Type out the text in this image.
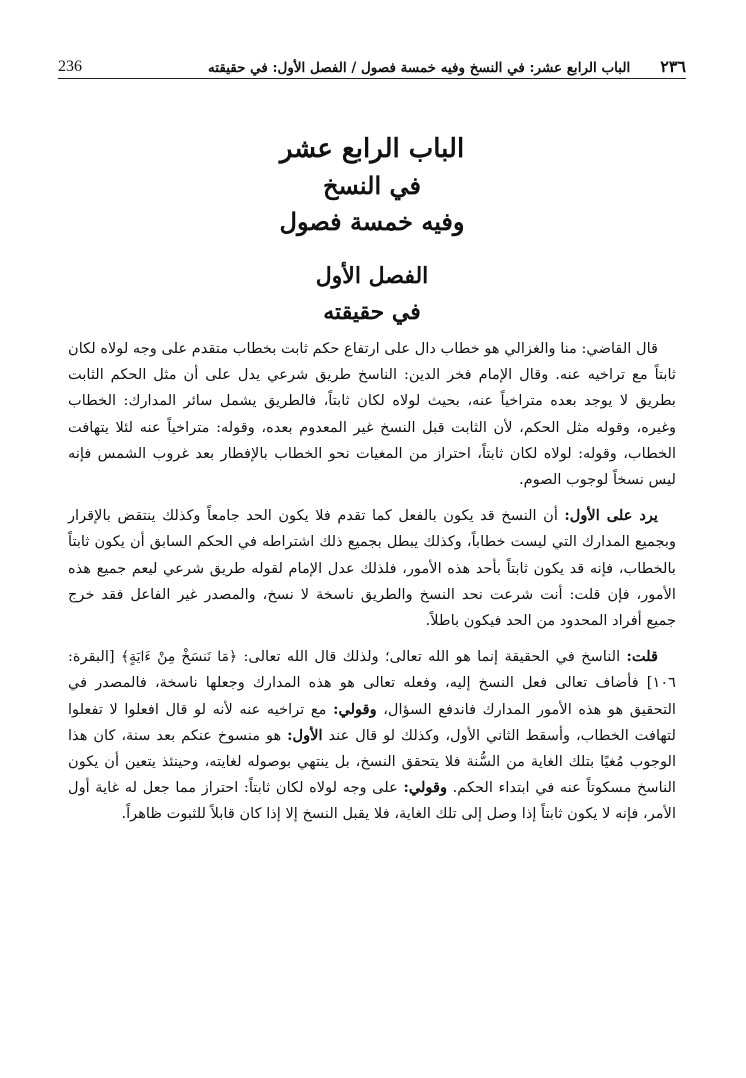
236	٢٣٦
الباب الرابع عشر: في النسخ وفيه خمسة فصول / الفصل الأول: في حقيقته
الباب الرابع عشر
في النسخ
وفيه خمسة فصول
الفصل الأول
في حقيقته

قال القاضي: منا والغزالي هو خطاب دال على ارتفاع حكم ثابت بخطاب متقدم على وجه لولاه لكان ثابتاً مع تراخيه عنه. وقال الإمام فخر الدين: الناسخ طريق شرعي يدل على أن مثل الحكم الثابت بطريق لا يوجد بعده متراخياً عنه، بحيث لولاه لكان ثابتاً، فالطريق يشمل سائر المدارك: الخطاب وغيره، وقوله مثل الحكم، لأن الثابت قبل النسخ غير المعدوم بعده، وقوله: متراخياً عنه لئلا يتهافت الخطاب، وقوله: لولاه لكان ثابتاً، احتراز من المغيات نحو الخطاب بالإفطار بعد غروب الشمس فإنه ليس نسخاً لوجوب الصوم.

يرد على الأول: أن النسخ قد يكون بالفعل كما تقدم فلا يكون الحد جامعاً وكذلك ينتقض بالإقرار وبجميع المدارك التي ليست خطاباً، وكذلك يبطل بجميع ذلك اشتراطه في الحكم السابق أن يكون ثابتاً بالخطاب، فإنه قد يكون ثابتاً بأحد هذه الأمور، فلذلك عدل الإمام لقوله طريق شرعي ليعم جميع هذه الأمور، فإن قلت: أنت شرعت نحد النسخ والطريق ناسخة لا نسخ، والمصدر غير الفاعل فقد خرج جميع أفراد المحدود من الحد فيكون باطلاً.

قلت: الناسخ في الحقيقة إنما هو الله تعالى؛ ولذلك قال الله تعالى: ﴿مَا نَنسَخْ مِنْ ءَايَةٍ﴾ [البقرة: ١٠٦] فأضاف تعالى فعل النسخ إليه، وفعله تعالى هو هذه المدارك وجعلها ناسخة، فالمصدر في التحقيق هو هذه الأمور المدارك فاندفع السؤال، وقولي: مع تراخيه عنه لأنه لو قال افعلوا لا تفعلوا لتهافت الخطاب، وأسقط الثاني الأول، وكذلك لو قال عند الأول: هو منسوخ عنكم بعد سنة، كان هذا الوجوب مُغيًا بتلك الغاية من السُّنة فلا يتحقق النسخ، بل ينتهي بوصوله لغايته، وحينئذ يتعين أن يكون الناسخ مسكوتاً عنه في ابتداء الحكم. وقولي: على وجه لولاه لكان ثابتاً: احتراز مما جعل له غاية أول الأمر، فإنه لا يكون ثابتاً إذا وصل إلى تلك الغاية، فلا يقبل النسخ إلا إذا كان قابلاً للثبوت ظاهراً.
